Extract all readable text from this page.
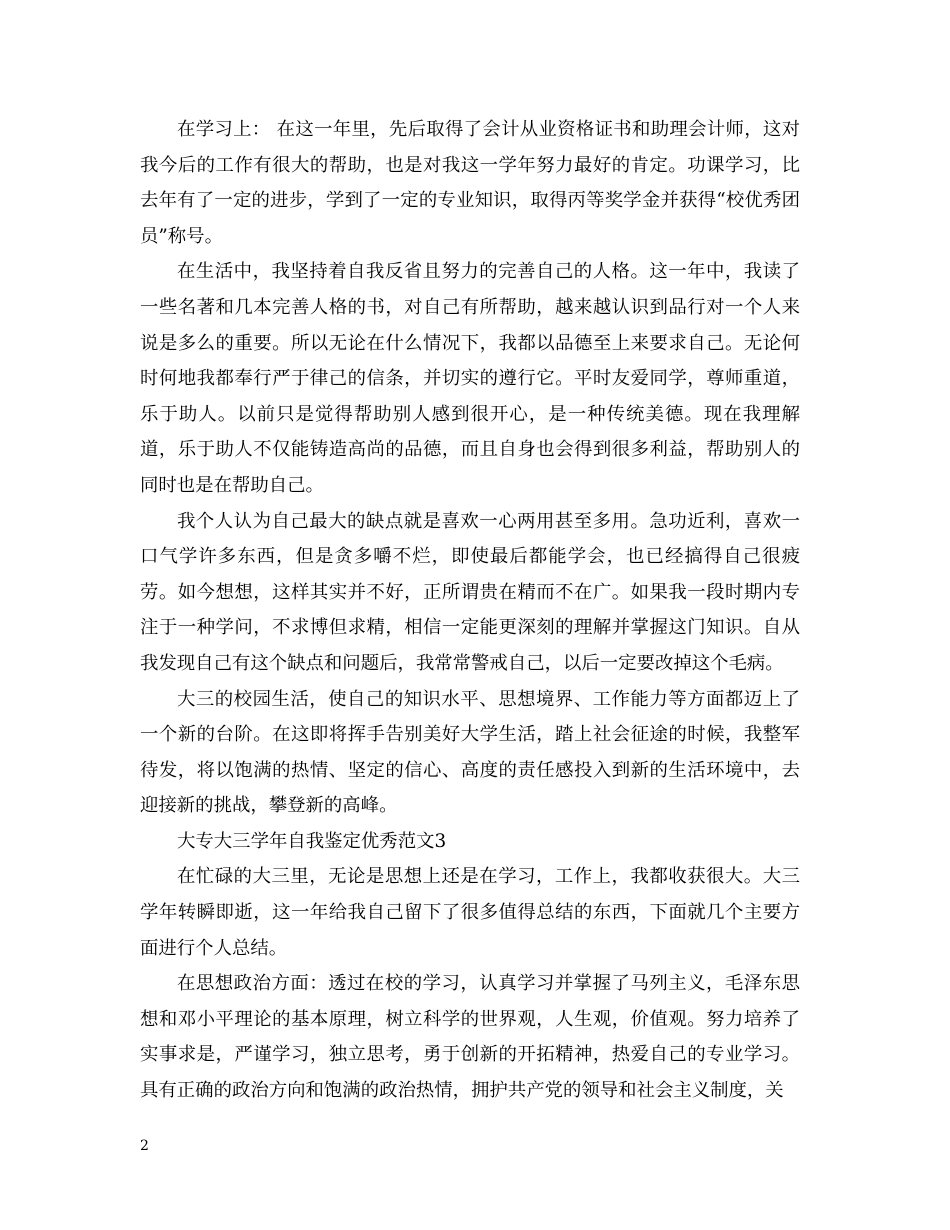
在学习上： 在这一年里，先后取得了会计从业资格证书和助理会计师，这对我今后的工作有很大的帮助，也是对我这一学年努力最好的肯定。功课学习，比去年有了一定的进步，学到了一定的专业知识，取得丙等奖学金并获得“校优秀团员”称号。

在生活中，我坚持着自我反省且努力的完善自己的人格。这一年中，我读了一些名著和几本完善人格的书，对自己有所帮助，越来越认识到品行对一个人来说是多么的重要。所以无论在什么情况下，我都以品德至上来要求自己。无论何时何地我都奉行严于律己的信条，并切实的遵行它。平时友爱同学，尊师重道，乐于助人。以前只是觉得帮助别人感到很开心，是一种传统美德。现在我理解道，乐于助人不仅能铸造高尚的品德，而且自身也会得到很多利益，帮助别人的同时也是在帮助自己。

我个人认为自己最大的缺点就是喜欢一心两用甚至多用。急功近利，喜欢一口气学许多东西，但是贪多嚼不烂，即使最后都能学会，也已经搞得自己很疲劳。如今想想，这样其实并不好，正所谓贵在精而不在广。如果我一段时期内专注于一种学问，不求博但求精，相信一定能更深刻的理解并掌握这门知识。自从我发现自己有这个缺点和问题后，我常常警戒自己，以后一定要改掉这个毛病。

大三的校园生活，使自己的知识水平、思想境界、工作能力等方面都迈上了一个新的台阶。在这即将挥手告别美好大学生活，踏上社会征途的时候，我整军待发，将以饱满的热情、坚定的信心、高度的责任感投入到新的生活环境中，去迎接新的挑战，攀登新的高峰。

大专大三学年自我鉴定优秀范文3

在忙碌的大三里，无论是思想上还是在学习，工作上，我都收获很大。大三学年转瞬即逝，这一年给我自己留下了很多值得总结的东西，下面就几个主要方面进行个人总结。

在思想政治方面：透过在校的学习，认真学习并掌握了马列主义，毛泽东思想和邓小平理论的基本原理，树立科学的世界观，人生观，价值观。努力培养了实事求是，严谨学习，独立思考，勇于创新的开拓精神，热爱自己的专业学习。具有正确的政治方向和饱满的政治热情，拥护共产党的领导和社会主义制度，关

2
